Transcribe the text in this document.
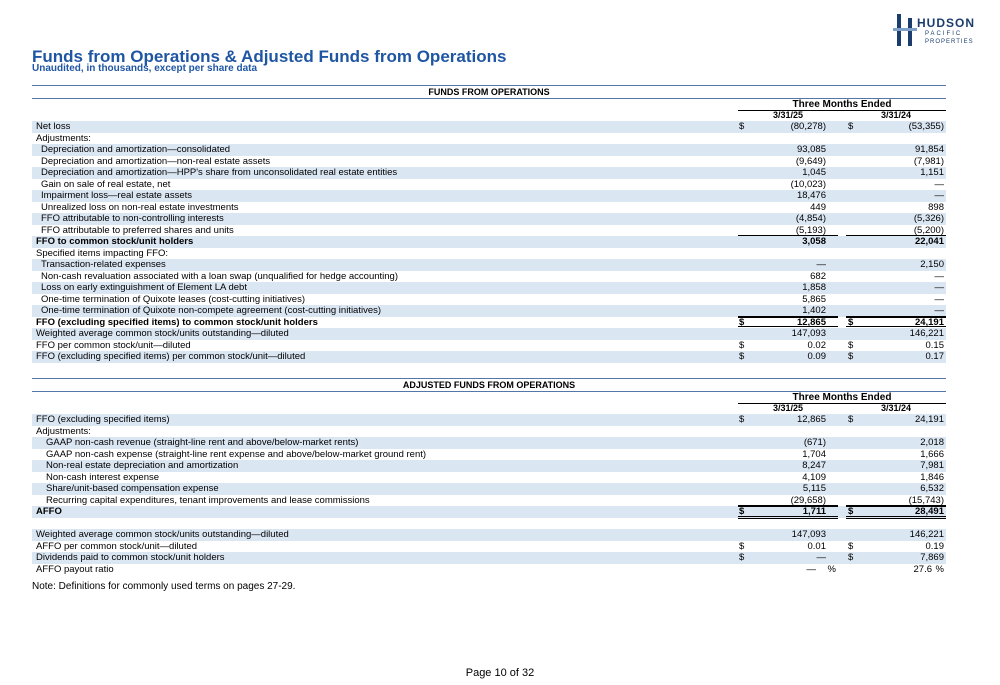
HUDSON
PACIFIC
PROPERTIES
Funds from Operations & Adjusted Funds from Operations
Unaudited, in thousands, except per share data
FUNDS FROM OPERATIONS
Three Months Ended
3/31/25	3/31/24
Net loss	$	(80,278) $	(53,355)
Adjustments:
Depreciation and amortization—consolidated	93,085	91,854
Depreciation and amortization—non-real estate assets	(9,649)	(7,981)
Depreciation and amortization—HPP's share from unconsolidated real estate entities	1,045	1,151
Gain on sale of real estate, net	(10,023)	—
Impairment loss—real estate assets	18,476	—
Unrealized loss on non-real estate investments	449	898
FFO attributable to non-controlling interests	(4,854)	(5,326)
FFO attributable to preferred shares and units	(5,193)	(5,200)
FFO to common stock/unit holders	3,058	22,041
Specified items impacting FFO:
Transaction-related expenses	—	2,150
Non-cash revaluation associated with a loan swap (unqualified for hedge accounting)	682	—
Loss on early extinguishment of Element LA debt	1,858	—
One-time termination of Quixote leases (cost-cutting initiatives)	5,865	—
One-time termination of Quixote non-compete agreement (cost-cutting initiatives)	1,402	—
FFO (excluding specified items) to common stock/unit holders	$	12,865 $	24,191
Weighted average common stock/units outstanding—diluted	147,093	146,221
FFO per common stock/unit—diluted	$	0.02 $	0.15
FFO (excluding specified items) per common stock/unit—diluted	$	0.09 $	0.17
ADJUSTED FUNDS FROM OPERATIONS
Three Months Ended
3/31/25	3/31/24
FFO (excluding specified items)	$	12,865 $	24,191
Adjustments:
GAAP non-cash revenue (straight-line rent and above/below-market rents)	(671)	2,018
GAAP non-cash expense (straight-line rent expense and above/below-market ground rent)	1,704	1,666
Non-real estate depreciation and amortization	8,247	7,981
Non-cash interest expense	4,109	1,846
Share/unit-based compensation expense	5,115	6,532
Recurring capital expenditures, tenant improvements and lease commissions	(29,658)	(15,743)
AFFO	$	1,711 $	28,491
Weighted average common stock/units outstanding—diluted	147,093	146,221
AFFO per common stock/unit—diluted	$	0.01 $	0.19
Dividends paid to common stock/unit holders	$	— $	7,869
AFFO payout ratio	— %	27.6 %
Note: Definitions for commonly used terms on pages 27-29.
Page 10 of 32
